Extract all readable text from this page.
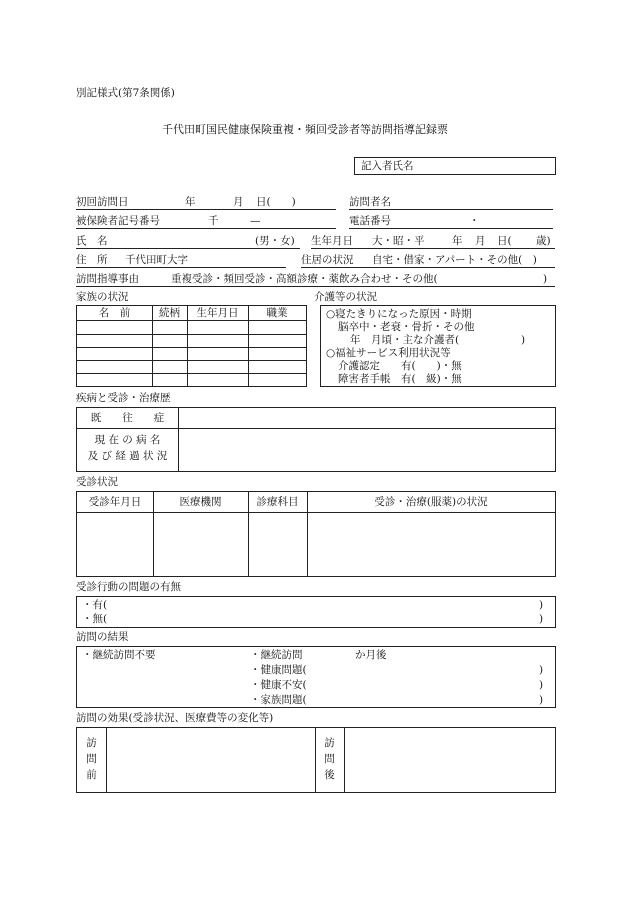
別記様式(第7条関係)
千代田町国民健康保険重複・頻回受診者等訪問指導記録票
記入者氏名
初回訪問日	年	月 日(　　)	訪問者名
被保険者記号番号	千　　　—	電話番号	・
氏　名	(男・女) 生年月日 大・昭・平	年 月 日( 歳)
住　所 千代田町大字	住居の状況 自宅・借家・アパート・その他(　)
訪問指導事由	重複受診・頻回受診・高額診療・薬飲み合わせ・その他(	)
家族の状況
名　前	続柄	生年月日	職業
介護等の状況
○寝たきりになった原因・時期
脳卒中・老衰・骨折・その他
年　月頃・主な介護者(	)
○福祉サービス利用状況等
介護認定　　有(　　)・無
障害者手帳　有(　級)・無
疾病と受診・治療歴
既　　往　　症
現 在 の 病 名
及 び 経 過 状 況
受診状況
受診年月日	医療機関	診療科目	受診・治療(服薬)の状況
受診行動の問題の有無
・有(	)
・無(	)
訪問の結果
・継続訪問不要	・継続訪問	か月後
・健康問題(	)
・健康不安(	)
・家族問題(	)
訪問の効果(受診状況、医療費等の変化等)
訪
問
前
訪
問
後
